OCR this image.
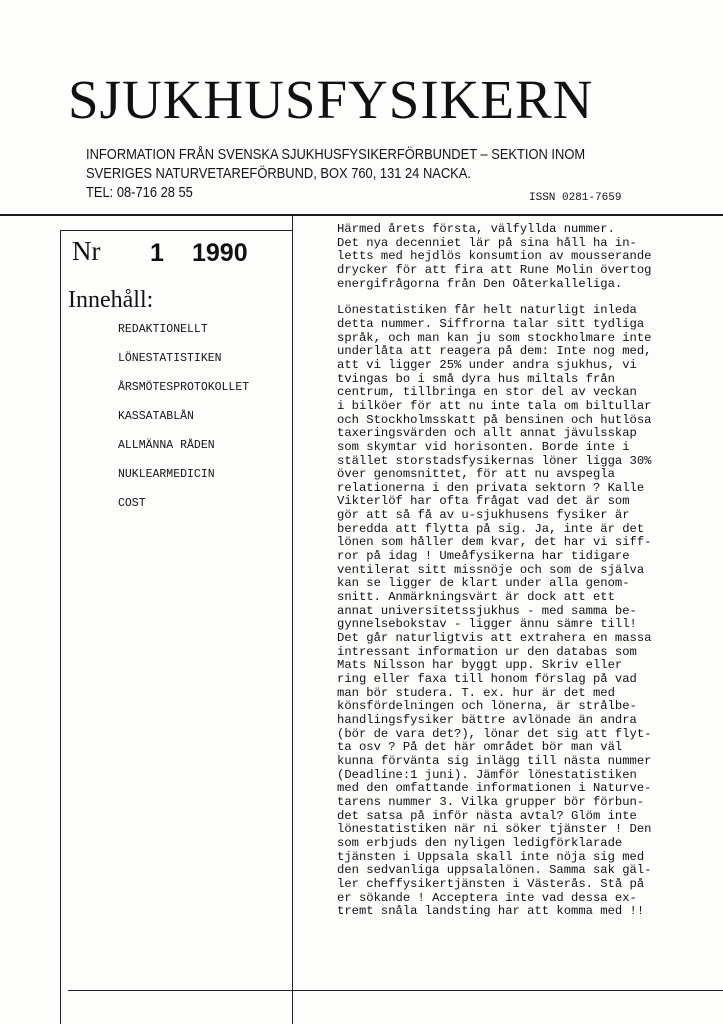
SJUKHUSFYSIKERN
INFORMATION FRÅN SVENSKA SJUKHUSFYSIKERFÖRBUNDET – SEKTION INOM
SVERIGES NATURVETAREFÖRBUND, BOX 760, 131 24 NACKA.
TEL: 08-716 28 55	ISSN 0281-7659
Nr 1 1990
Innehåll:
REDAKTIONELLT
LÖNESTATISTIKEN
ÅRSMÖTESPROTOKOLLET
KASSATABLÅN
ALLMÄNNA RÅDEN
NUKLEARMEDICIN
COST

Härmed årets första, välfyllda nummer.
Det nya decenniet lär på sina håll ha in-
letts med hejdlös konsumtion av mousserande
drycker för att fira att Rune Molin övertog
energifrågorna från Den Oåterkalleliga.

Lönestatistiken får helt naturligt inleda
detta nummer. Siffrorna talar sitt tydliga
språk, och man kan ju som stockholmare inte
underlåta att reagera på dem: Inte nog med,
att vi ligger 25% under andra sjukhus, vi
tvingas bo i små dyra hus miltals från
centrum, tillbringa en stor del av veckan
i bilköer för att nu inte tala om biltullar
och Stockholmsskatt på bensinen och hutlösa
taxeringsvärden och allt annat jävulsskap
som skymtar vid horisonten. Borde inte i
stället storstadsfysikernas löner ligga 30%
över genomsnittet, för att nu avspegla
relationerna i den privata sektorn ? Kalle
Vikterlöf har ofta frågat vad det är som
gör att så få av u-sjukhusens fysiker är
beredda att flytta på sig. Ja, inte är det
lönen som håller dem kvar, det har vi siff-
ror på idag ! Umeåfysikerna har tidigare
ventilerat sitt missnöje och som de själva
kan se ligger de klart under alla genom-
snitt. Anmärkningsvärt är dock att ett
annat universitetssjukhus - med samma be-
gynnelsebokstav - ligger ännu sämre till!
Det går naturligtvis att extrahera en massa
intressant information ur den databas som
Mats Nilsson har byggt upp. Skriv eller
ring eller faxa till honom förslag på vad
man bör studera. T. ex. hur är det med
könsfördelningen och lönerna, är strålbe-
handlingsfysiker bättre avlönade än andra
(bör de vara det?), lönar det sig att flyt-
ta osv ? På det här området bör man väl
kunna förvänta sig inlägg till nästa nummer
(Deadline:1 juni). Jämför lönestatistiken
med den omfattande informationen i Naturve-
tarens nummer 3. Vilka grupper bör förbun-
det satsa på inför nästa avtal? Glöm inte
lönestatistiken när ni söker tjänster ! Den
som erbjuds den nyligen ledigförklarade
tjänsten i Uppsala skall inte nöja sig med
den sedvanliga uppsalalönen. Samma sak gäl-
ler cheffysikertjänsten i Västerås. Stå på
er sökande ! Acceptera inte vad dessa ex-
tremt snåla landsting har att komma med !!
